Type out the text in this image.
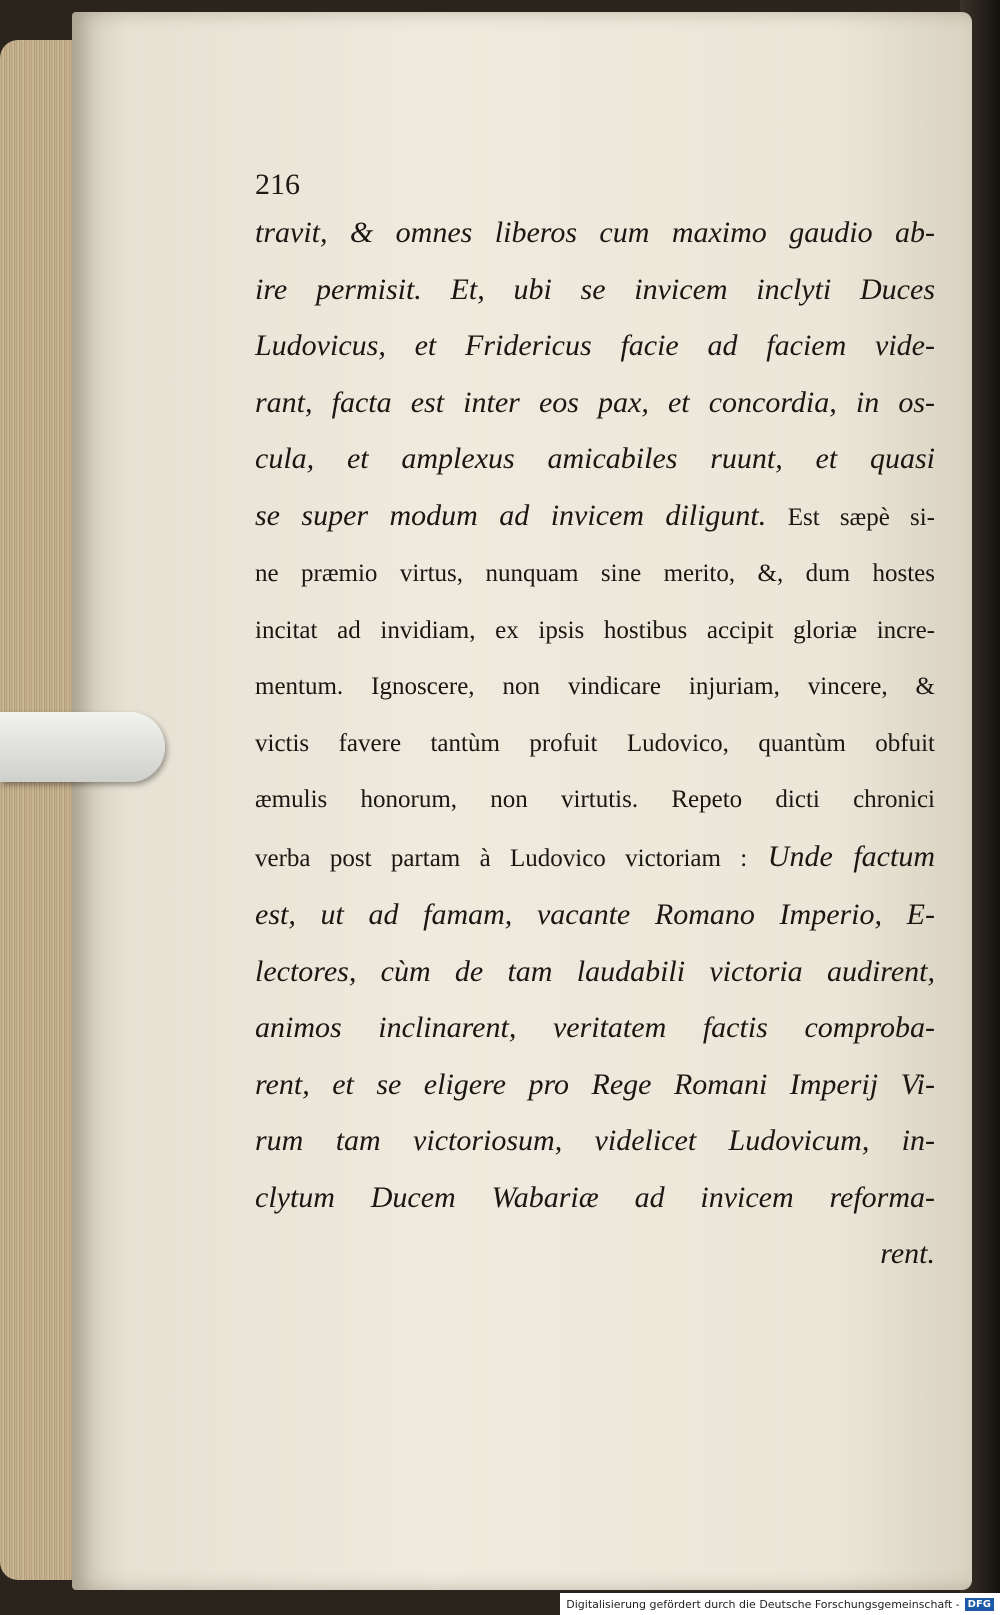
216
travit, & omnes liberos cum maximo gaudio ab-
ire permisit. Et, ubi se invicem inclyti Duces
Ludovicus, et Fridericus facie ad faciem vide-
rant, facta est inter eos pax, et concordia, in os-
cula, et amplexus amicabiles ruunt, et quasi
se super modum ad invicem diligunt. Est sæpè si-
ne præmio virtus, nunquam sine merito, &, dum hostes
incitat ad invidiam, ex ipsis hostibus accipit gloriæ incre-
mentum. Ignoscere, non vindicare injuriam, vincere, &
victis favere tantùm profuit Ludovico, quantùm obfuit
æmulis honorum, non virtutis. Repeto dicti chronici
verba post partam à Ludovico victoriam : Unde factum
est, ut ad famam, vacante Romano Imperio, E-
lectores, cùm de tam laudabili victoria audirent,
animos inclinarent, veritatem factis comproba-
rent, et se eligere pro Rege Romani Imperij Vi-
rum tam victoriosum, videlicet Ludovicum, in-
clytum Ducem Wabariæ ad invicem reforma-
rent.
Digitalisierung gefördert durch die Deutsche Forschungsgemeinschaft - DFG
